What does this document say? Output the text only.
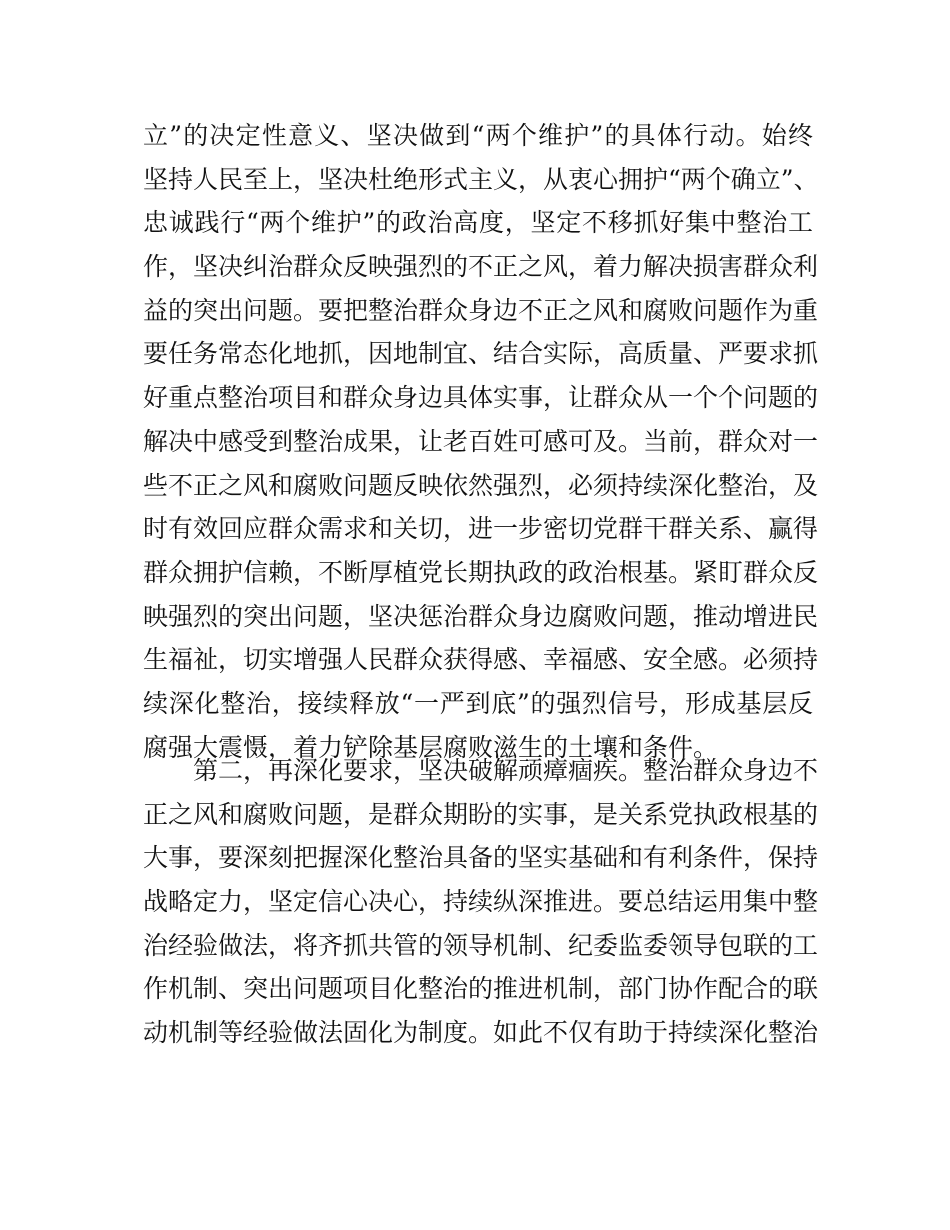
立”的决定性意义、坚决做到“两个维护”的具体行动。始终
坚持人民至上，坚决杜绝形式主义，从衷心拥护“两个确立”、
忠诚践行“两个维护”的政治高度，坚定不移抓好集中整治工
作，坚决纠治群众反映强烈的不正之风，着力解决损害群众利
益的突出问题。要把整治群众身边不正之风和腐败问题作为重
要任务常态化地抓，因地制宜、结合实际，高质量、严要求抓
好重点整治项目和群众身边具体实事，让群众从一个个问题的
解决中感受到整治成果，让老百姓可感可及。当前，群众对一
些不正之风和腐败问题反映依然强烈，必须持续深化整治，及
时有效回应群众需求和关切，进一步密切党群干群关系、赢得
群众拥护信赖，不断厚植党长期执政的政治根基。紧盯群众反
映强烈的突出问题，坚决惩治群众身边腐败问题，推动增进民
生福祉，切实增强人民群众获得感、幸福感、安全感。必须持
续深化整治，接续释放“一严到底”的强烈信号，形成基层反
腐强大震慑，着力铲除基层腐败滋生的土壤和条件。
第二，再深化要求，坚决破解顽瘴痼疾。整治群众身边不
正之风和腐败问题，是群众期盼的实事，是关系党执政根基的
大事，要深刻把握深化整治具备的坚实基础和有利条件，保持
战略定力，坚定信心决心，持续纵深推进。要总结运用集中整
治经验做法，将齐抓共管的领导机制、纪委监委领导包联的工
作机制、突出问题项目化整治的推进机制，部门协作配合的联
动机制等经验做法固化为制度。如此不仅有助于持续深化整治
